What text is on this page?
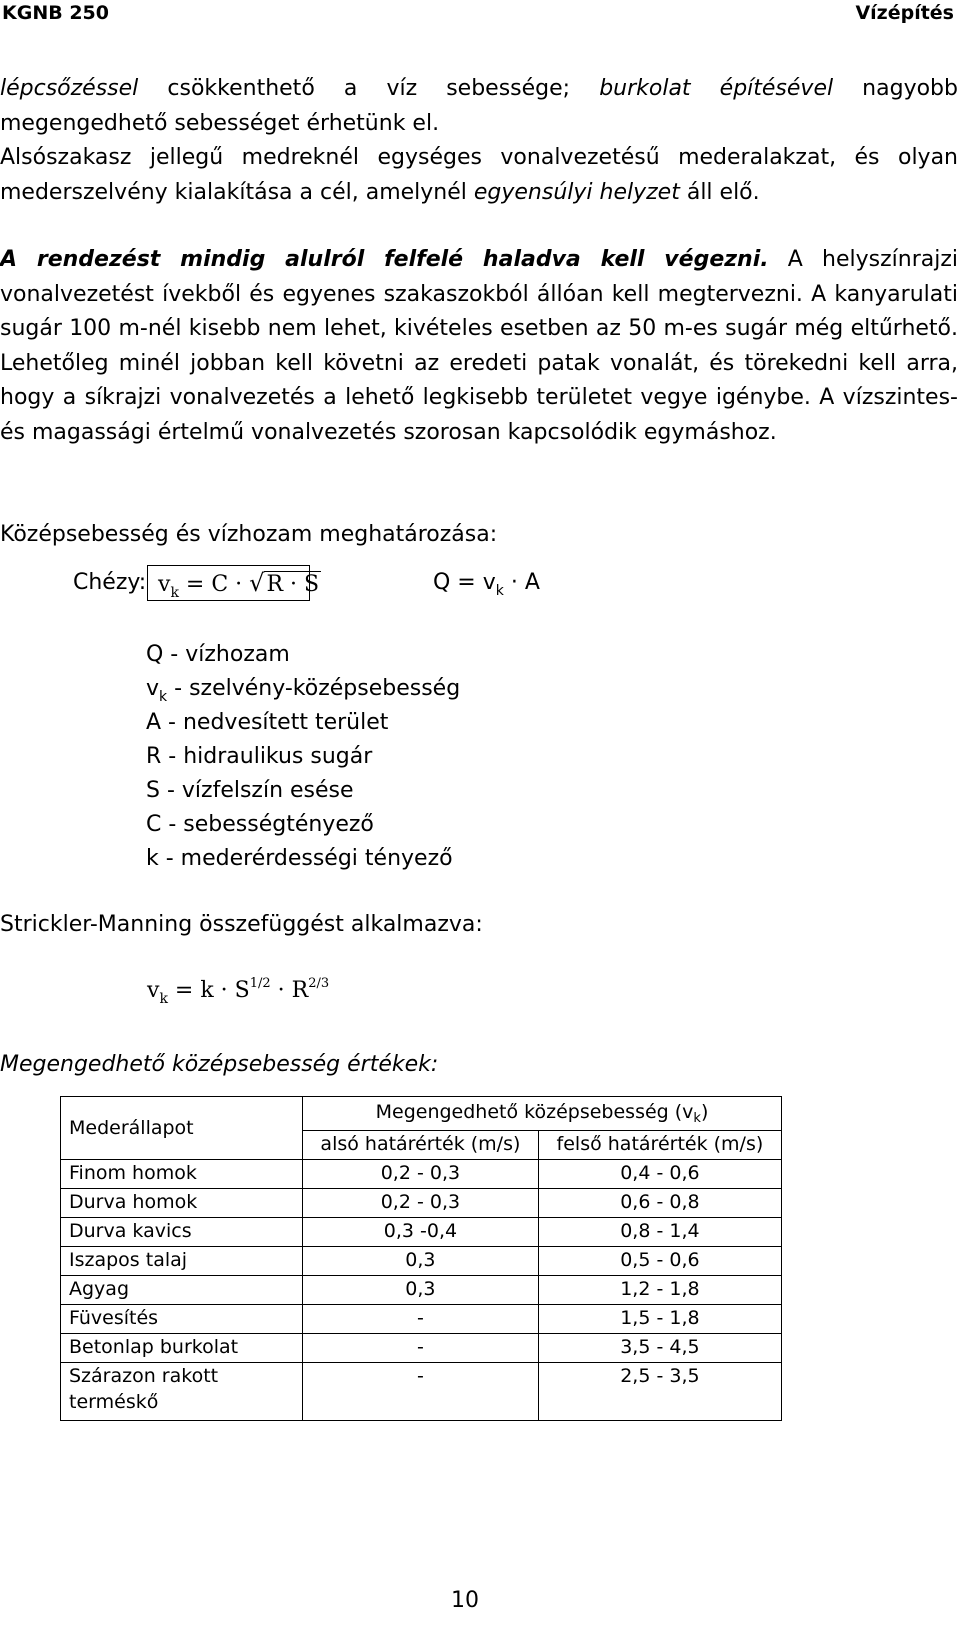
KGNB 250	Vízépítés
lépcsőzéssel csökkenthető a víz sebessége; burkolat építésével nagyobb
megengedhető sebességet érhetünk el.
Alsószakasz jellegű medreknél egységes vonalvezetésű mederalakzat, és olyan mederszelvény kialakítása a cél, amelynél egyensúlyi helyzet áll elő.
A rendezést mindig alulról felfelé haladva kell végezni. A helyszínrajzi vonalvezetést ívekből és egyenes szakaszokból állóan kell megtervezni. A kanyarulati sugár 100 m-nél kisebb nem lehet, kivételes esetben az 50 m-es sugár még eltűrhető. Lehetőleg minél jobban kell követni az eredeti patak vonalát, és törekedni kell arra, hogy a síkrajzi vonalvezetés a lehető legkisebb területet vegye igénybe. A vízszintes- és magassági értelmű vonalvezetés szorosan kapcsolódik egymáshoz.
Középsebesség és vízhozam meghatározása:
Chézy: $v_k = C \cdot √R \cdot S$	$Q = v_k \cdot A$
Q - vízhozam
$v_k$ - szelvény-középsebesség
A - nedvesített terület
R - hidraulikus sugár
S - vízfelszín esése
C - sebességtényező
k - mederérdességi tényező
Strickler-Manning összefüggést alkalmazva:
$v_k = k \cdot S^{1/2} \cdot R^{2/3}$
Megengedhető középsebesség értékek:
Mederállapot	Megengedhető középsebesség $(v_k)$	
	alsó határérték (m/s)	felső határérték (m/s)
Finom homok	0,2 - 0,3	0,4 - 0,6
Durva homok	0,2 - 0,3	0,6 - 0,8
Durva kavics	0,3 -0,4	0,8 - 1,4
Iszapos talaj	0,3	0,5 - 0,6
Agyag	0,3	1,2 - 1,8
Füvesítés	-	1,5 - 1,8
Betonlap burkolat	-	3,5 - 4,5
Szárazon rakott terméskő	-	2,5 - 3,5
10
